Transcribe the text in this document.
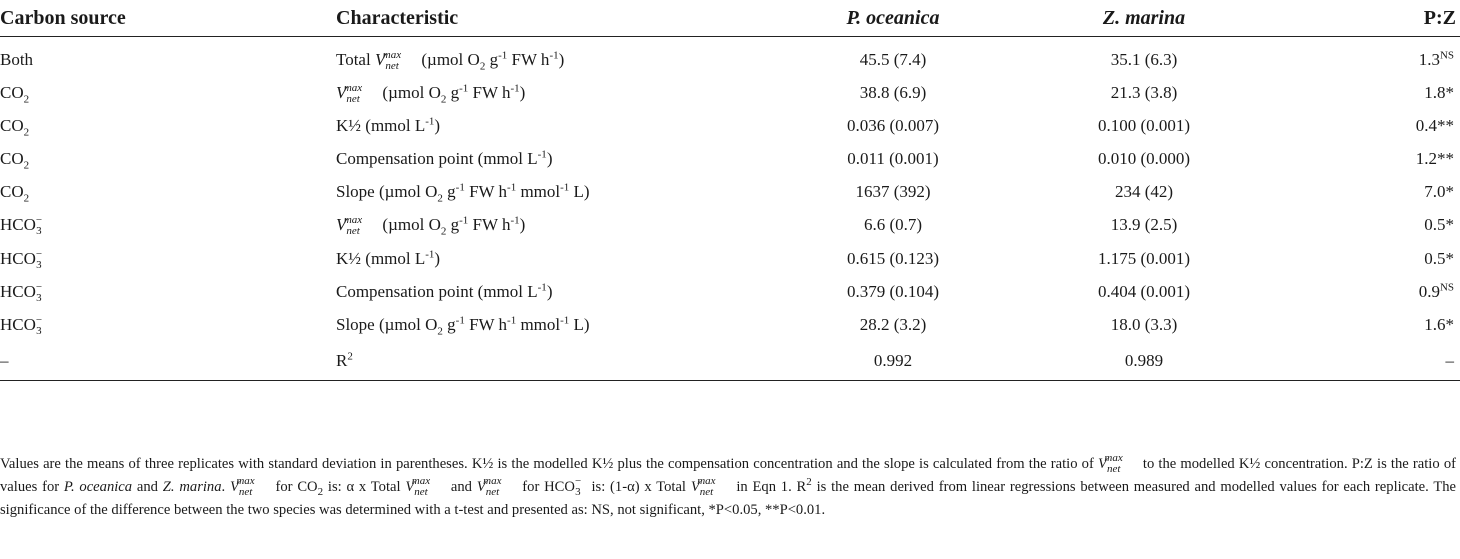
Carbon source	Characteristic	P. oceanica	Z. marina	P:Z
Both	Total $V_{net}^{max}$ (µmol $O_2$ $g^{-1}$ FW $h^{-1}$)	45.5 (7.4)	35.1 (6.3)	$1.3^{NS}$
$CO_2$	$V_{net}^{max}$ (µmol $O_2$ $g^{-1}$ FW $h^{-1}$)	38.8 (6.9)	21.3 (3.8)	1.8*
$CO_2$	K½ (mmol $L^{-1}$)	0.036 (0.007)	0.100 (0.001)	0.4**
$CO_2$	Compensation point (mmol $L^{-1}$)	0.011 (0.001)	0.010 (0.000)	1.2**
$CO_2$	Slope (µmol $O_2$ $g^{-1}$ FW $h^{-1}$ mmol$^{-1}$ L)	1637 (392)	234 (42)	7.0*
$HCO^-_3$	$V_{net}^{max}$ (µmol $O_2$ $g^{-1}$ FW $h^{-1}$)	6.6 (0.7)	13.9 (2.5)	0.5*
$HCO^-_3$	K½ (mmol $L^{-1}$)	0.615 (0.123)	1.175 (0.001)	0.5*
$HCO^-_3$	Compensation point (mmol $L^{-1}$)	0.379 (0.104)	0.404 (0.001)	$0.9^{NS}$
$HCO^-_3$	Slope (µmol $O_2$ $g^{-1}$ FW $h^{-1}$ mmol$^{-1}$ L)	28.2 (3.2)	18.0 (3.3)	1.6*
–	$R^2$	0.992	0.989	–
Values are the means of three replicates with standard deviation in parentheses. K½ is the modelled K½ plus the compensation concentration and the slope is calculated from the ratio of $V_{net}^{max}$ to the modelled K½ concentration. P:Z is the ratio of values for P. oceanica and Z. marina. $V_{net}^{max}$ for $CO_2$ is: α x Total $V_{net}^{max}$ and $V_{net}^{max}$ for $HCO^-_3$ is: (1-α) x Total $V_{net}^{max}$ in Eqn 1. $R^2$ is the mean derived from linear regressions between measured and modelled values for each replicate. The significance of the difference between the two species was determined with a t-test and presented as: NS, not significant, *P<0.05, **P<0.01.
